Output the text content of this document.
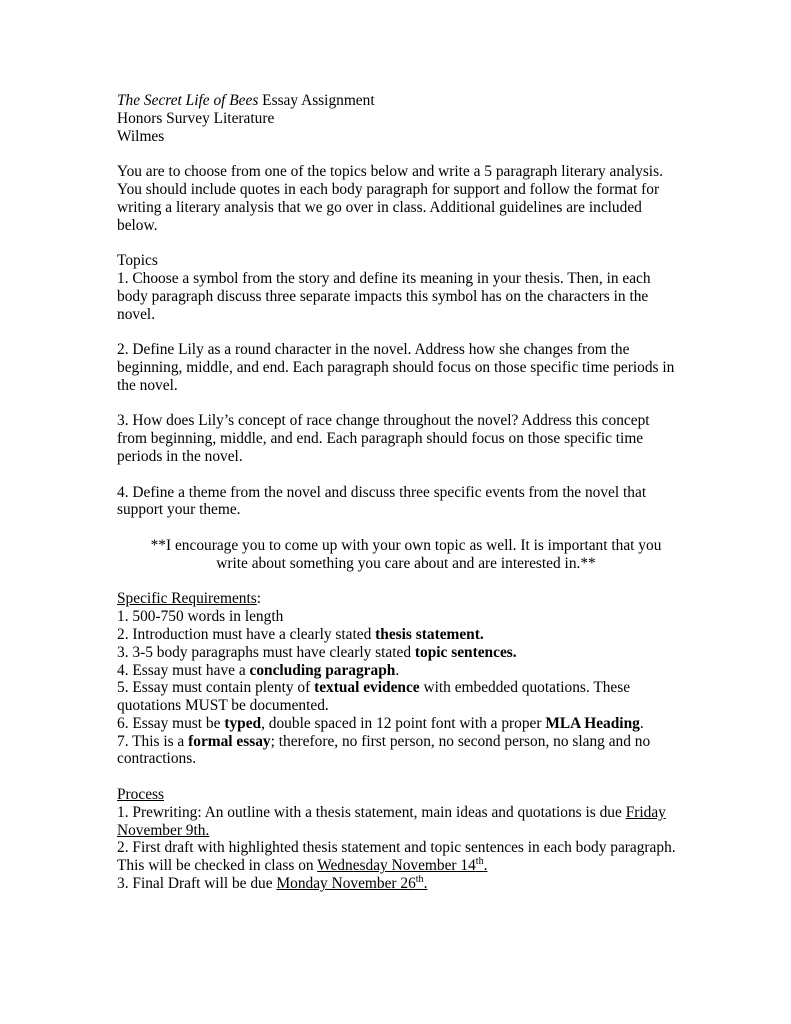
The Secret Life of Bees Essay Assignment

Honors Survey Literature

Wilmes

You are to choose from one of the topics below and write a 5 paragraph literary analysis. You should include quotes in each body paragraph for support and follow the format for writing a literary analysis that we go over in class. Additional guidelines are included below.

Topics

1. Choose a symbol from the story and define its meaning in your thesis. Then, in each body paragraph discuss three separate impacts this symbol has on the characters in the novel.

2. Define Lily as a round character in the novel. Address how she changes from the beginning, middle, and end. Each paragraph should focus on those specific time periods in the novel.

3. How does Lily’s concept of race change throughout the novel? Address this concept from beginning, middle, and end. Each paragraph should focus on those specific time periods in the novel.

4. Define a theme from the novel and discuss three specific events from the novel that support your theme.

**I encourage you to come up with your own topic as well. It is important that you write about something you care about and are interested in.**

Specific Requirements:

1. 500-750 words in length

2. Introduction must have a clearly stated thesis statement.

3. 3-5 body paragraphs must have clearly stated topic sentences.

4. Essay must have a concluding paragraph.

5. Essay must contain plenty of textual evidence with embedded quotations. These quotations MUST be documented.

6. Essay must be typed, double spaced in 12 point font with a proper MLA Heading.

7. This is a formal essay; therefore, no first person, no second person, no slang and no contractions.

Process

1. Prewriting: An outline with a thesis statement, main ideas and quotations is due Friday November 9th.

2. First draft with highlighted thesis statement and topic sentences in each body paragraph. This will be checked in class on Wednesday November 14th.

3. Final Draft will be due Monday November 26th.
